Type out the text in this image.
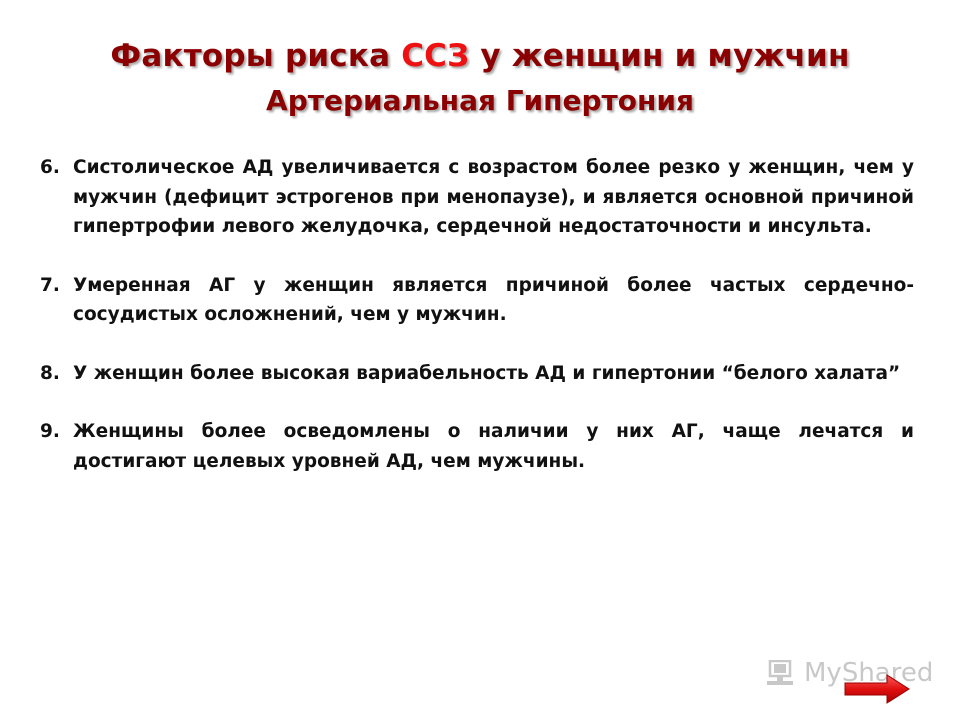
Факторы риска ССЗ у женщин и мужчин
Артериальная Гипертония
6. Систолическое АД увеличивается с возрастом более резко у женщин, чем у мужчин (дефицит эстрогенов при менопаузе), и является основной причиной гипертрофии левого желудочка, сердечной недостаточности и инсульта.
7. Умеренная АГ у женщин является причиной более частых сердечно-сосудистых осложнений, чем у мужчин.
8. У женщин более высокая вариабельность АД и гипертонии “белого халата”
9. Женщины более осведомлены о наличии у них АГ, чаще лечатся и достигают целевых уровней АД, чем мужчины.
MyShared
